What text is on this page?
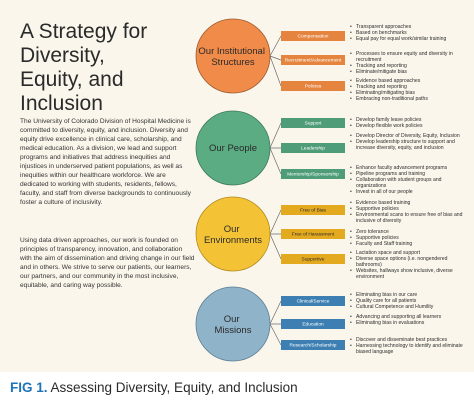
A Strategy for
Diversity,
Equity, and
Inclusion

The University of Colorado Division of Hospital Medicine is committed to diversity, equity, and inclusion. Diversity and equity drive excellence in clinical care, scholarship, and medical education. As a division, we lead and support programs and initiatives that address inequities and injustices in underserved patient populations, as well as inequities within our healthcare workforce. We are dedicated to working with students, residents, fellows, faculty, and staff from diverse backgrounds to continuously foster a culture of inclusivity.

Using data driven approaches, our work is founded on principles of transparency, innovation, and collaboration with the aim of dissemination and driving change in our field and in others. We strive to serve our patients, our learners, our partners, and our community in the most inclusive, equitable, and caring way possible.

Our Institutional Structures
Our People
Our Environments
Our Missions
Compensation
Recruitment/Advancement
Policies
Support
Leadership
Mentorship/Sponsorship
Free of Bias
Free of Harassment
Supportive
Clinical/Service
Education
Research/Scholarship
• Transparent approaches
• Based on benchmarks
• Equal pay for equal work/similar training
• Processes to ensure equity and diversity in recruitment
• Tracking and reporting
• Eliminate/mitigate bias
• Evidence based approaches
• Tracking and reporting
• Eliminating/mitigating bias
• Embracing non-traditional paths
• Develop family leave policies
• Develop flexible work policies
• Develop Director of Diversity, Equity, Inclusion
• Develop leadership structure to support and increase diversity, equity, and inclusion
• Enhance faculty advancement programs
• Pipeline programs and training
• Collaboration with student groups and organizations
• Invest in all of our people
• Evidence based training
• Supportive policies
• Environmental scans to ensure free of bias and inclusive of diversity
• Zero tolerance
• Supportive policies
• Faculty and Staff training
• Lactation space and support
• Diverse space options (i.e. nongendered bathrooms)
• Websites, hallways show inclusive, diverse environment
• Eliminating bias in our care
• Quality care for all patients
• Cultural Competence and Humility
• Advancing and supporting all learners
• Eliminating bias in evaluations
• Discover and disseminate best practices
• Harnessing technology to identify and eliminate biased language

FIG 1. Assessing Diversity, Equity, and Inclusion
